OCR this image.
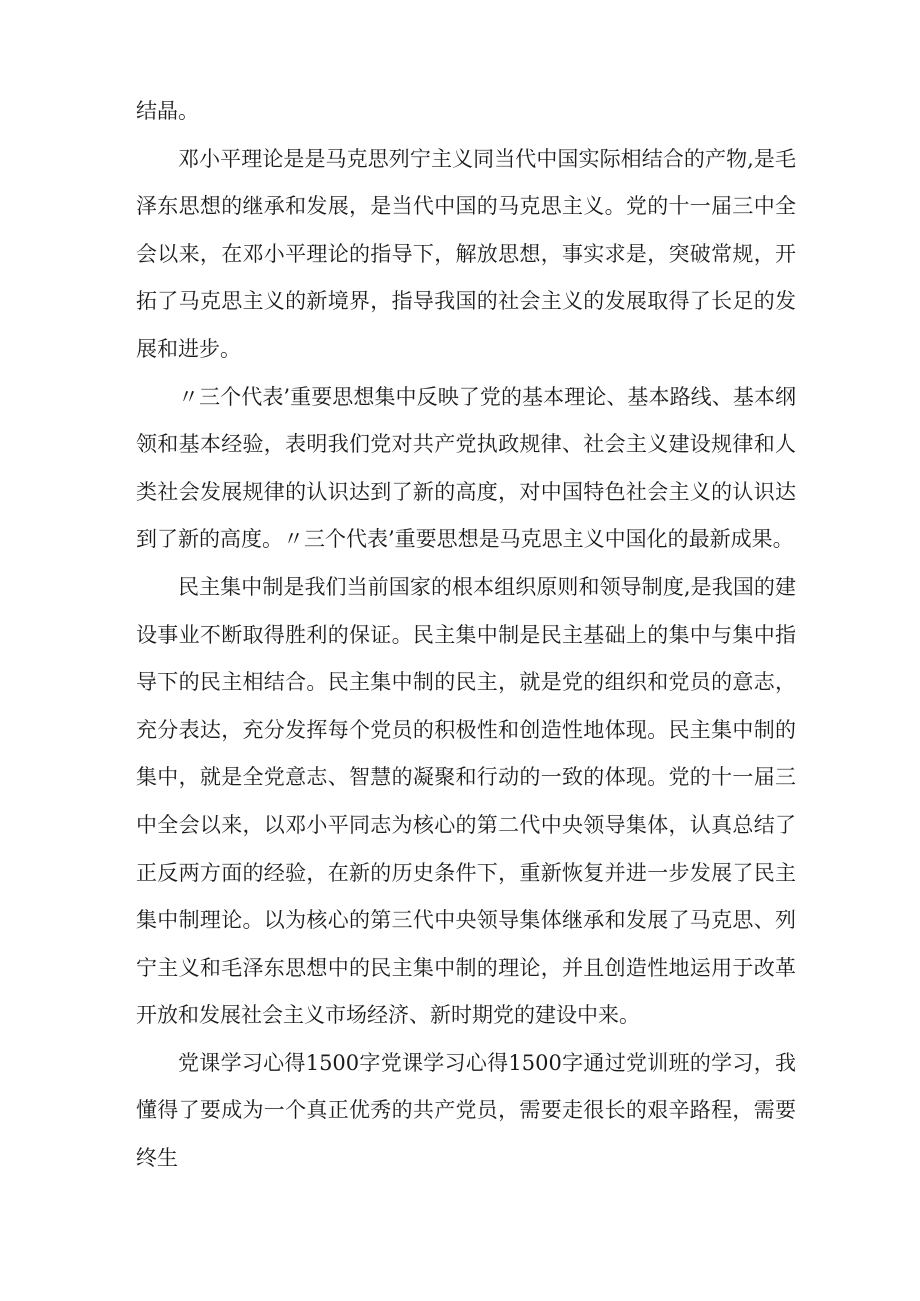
结晶。

邓小平理论是是马克思列宁主义同当代中国实际相结合的产物,是毛泽东思想的继承和发展，是当代中国的马克思主义。党的十一届三中全会以来，在邓小平理论的指导下，解放思想，事实求是，突破常规，开拓了马克思主义的新境界，指导我国的社会主义的发展取得了长足的发展和进步。

〃三个代表’重要思想集中反映了党的基本理论、基本路线、基本纲领和基本经验，表明我们党对共产党执政规律、社会主义建设规律和人类社会发展规律的认识达到了新的高度，对中国特色社会主义的认识达到了新的高度。〃三个代表’重要思想是马克思主义中国化的最新成果。

民主集中制是我们当前国家的根本组织原则和领导制度,是我国的建设事业不断取得胜利的保证。民主集中制是民主基础上的集中与集中指导下的民主相结合。民主集中制的民主，就是党的组织和党员的意志，充分表达，充分发挥每个党员的积极性和创造性地体现。民主集中制的集中，就是全党意志、智慧的凝聚和行动的一致的体现。党的十一届三中全会以来，以邓小平同志为核心的第二代中央领导集体，认真总结了正反两方面的经验，在新的历史条件下，重新恢复并进一步发展了民主集中制理论。以为核心的第三代中央领导集体继承和发展了马克思、列宁主义和毛泽东思想中的民主集中制的理论，并且创造性地运用于改革开放和发展社会主义市场经济、新时期党的建设中来。

党课学习心得1500字党课学习心得1500字通过党训班的学习，我懂得了要成为一个真正优秀的共产党员，需要走很长的艰辛路程，需要终生
